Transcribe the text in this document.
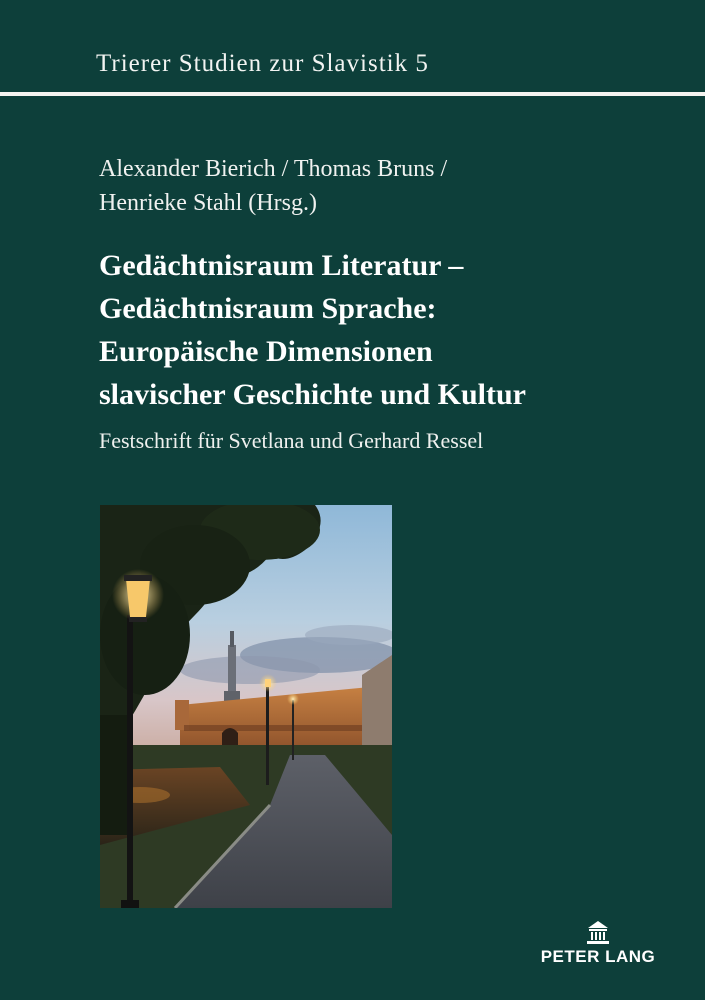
Trierer Studien zur Slavistik 5
Alexander Bierich / Thomas Bruns /
Henrieke Stahl (Hrsg.)
Gedächtnisraum Literatur –
Gedächtnisraum Sprache:
Europäische Dimensionen
slavischer Geschichte und Kultur
Festschrift für Svetlana und Gerhard Ressel
PETER LANG
